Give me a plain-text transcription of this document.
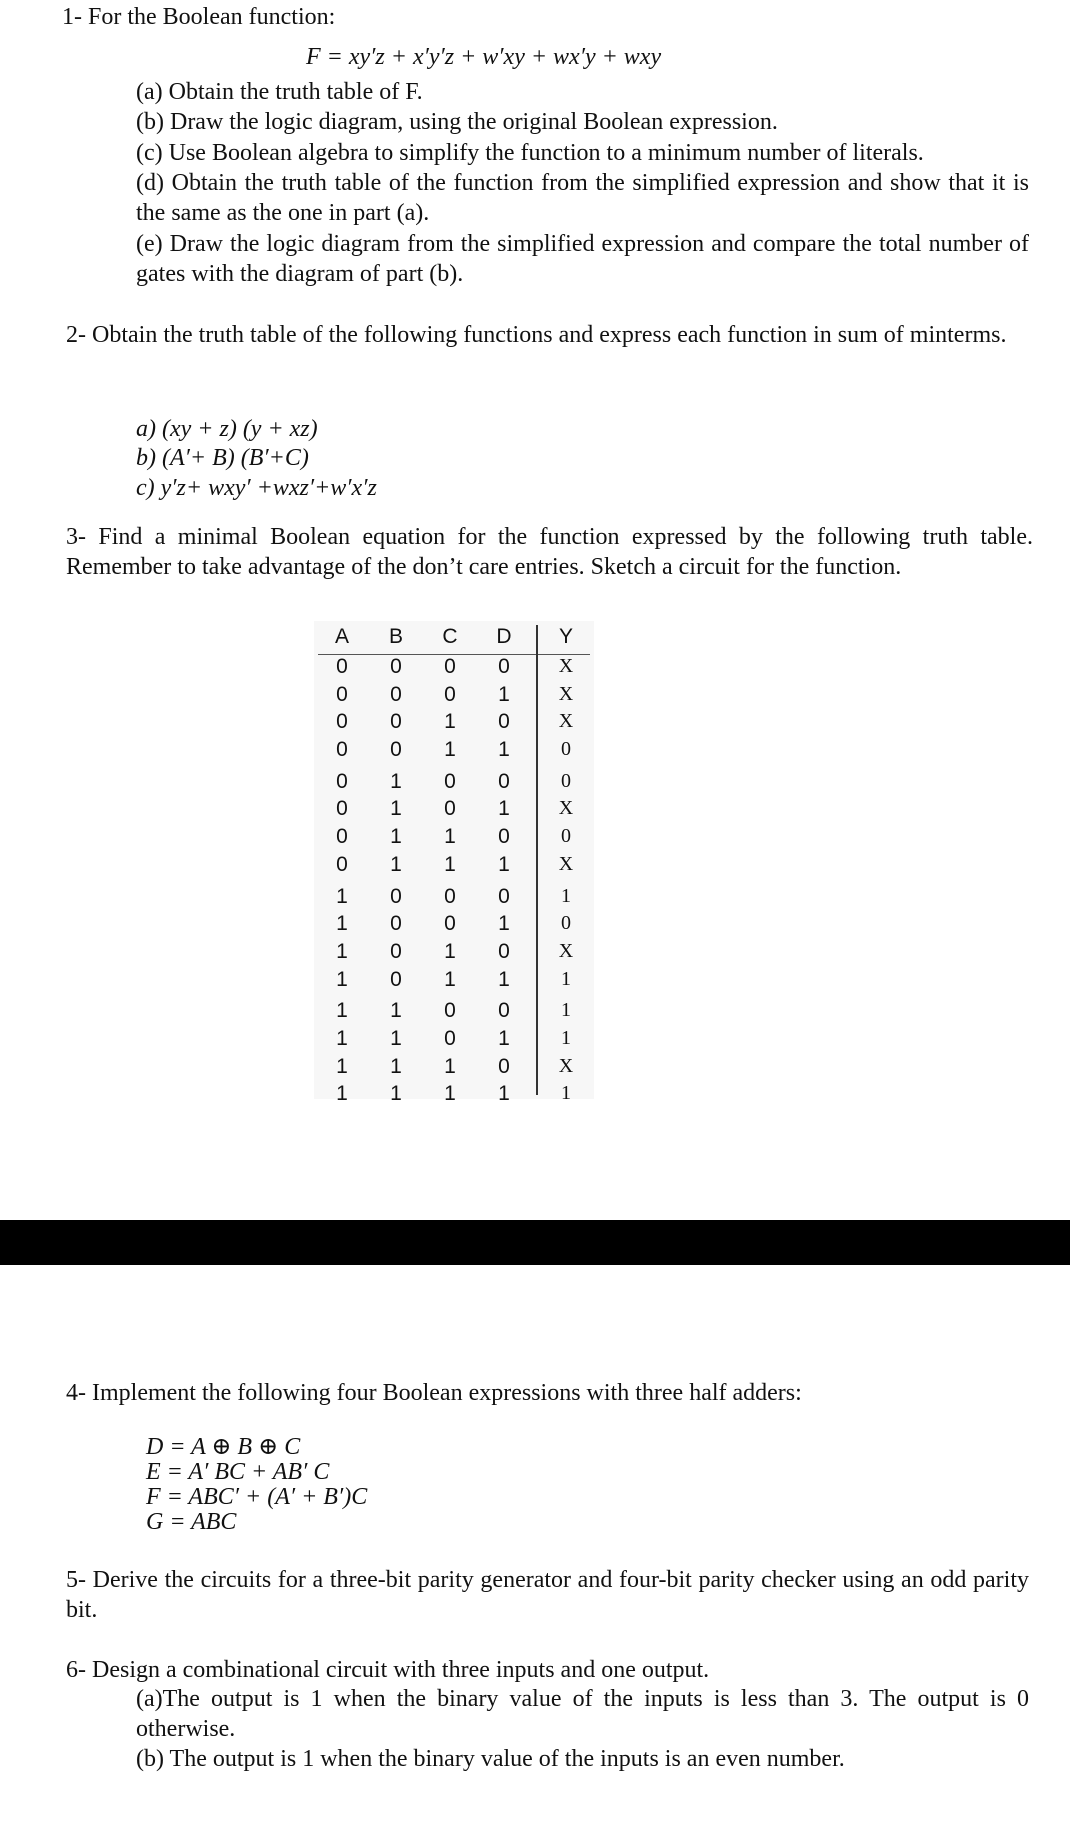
1- For the Boolean function:
F = xy′z + x′y′z + w′xy + wx′y + wxy
(a) Obtain the truth table of F.
(b) Draw the logic diagram, using the original Boolean expression.
(c) Use Boolean algebra to simplify the function to a minimum number of literals.
(d) Obtain the truth table of the function from the simplified expression and show that it is the same as the one in part (a).
(e) Draw the logic diagram from the simplified expression and compare the total number of gates with the diagram of part (b).
2- Obtain the truth table of the following functions and express each function in sum of minterms.
a) (xy + z) (y + xz)
b) (A′+ B) (B′+C)
c) y′z+ wxy′ +wxz′+w′x′z
3- Find a minimal Boolean equation for the function expressed by the following truth table. Remember to take advantage of the don’t care entries. Sketch a circuit for the function.
A	B	C	D	Y
0	0	0	0	X
0	0	0	1	X
0	0	1	0	X
0	0	1	1	0
0	1	0	0	0
0	1	0	1	X
0	1	1	0	0
0	1	1	1	X
1	0	0	0	1
1	0	0	1	0
1	0	1	0	X
1	0	1	1	1
1	1	0	0	1
1	1	0	1	1
1	1	1	0	X
1	1	1	1	1
4- Implement the following four Boolean expressions with three half adders:
D = A ⊕ B ⊕ C
E = A′ BC + AB′ C
F = ABC′ + (A′ + B′)C
G = ABC
5- Derive the circuits for a three-bit parity generator and four-bit parity checker using an odd parity bit.
6- Design a combinational circuit with three inputs and one output.
(a)The output is 1 when the binary value of the inputs is less than 3. The output is 0 otherwise.
(b) The output is 1 when the binary value of the inputs is an even number.
